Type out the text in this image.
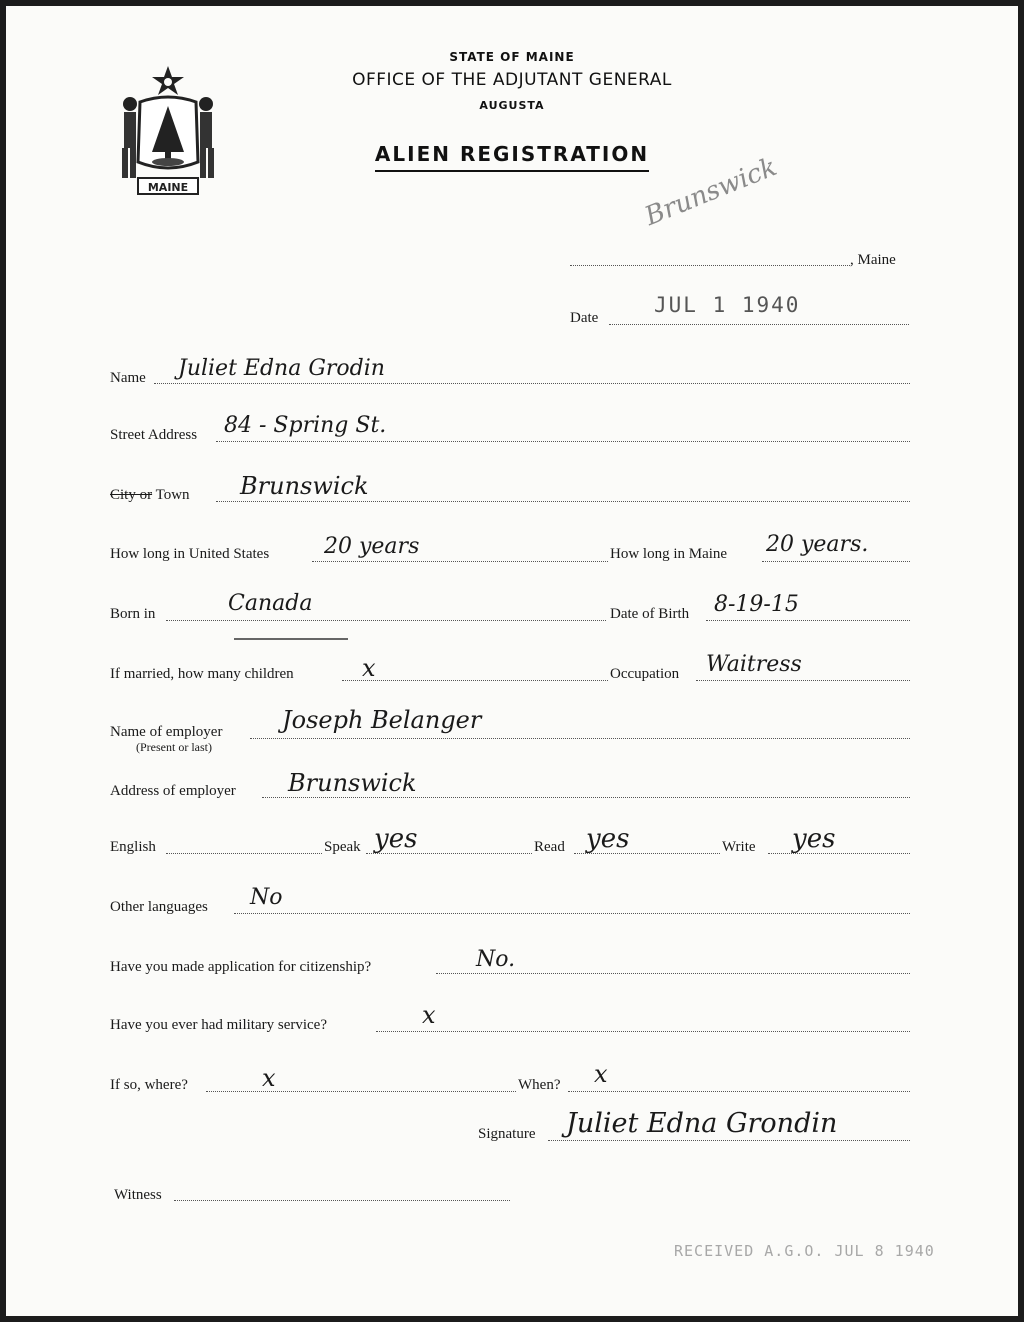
MAINE
STATE OF MAINE
OFFICE OF THE ADJUTANT GENERAL
AUGUSTA
ALIEN REGISTRATION
Brunswick
, Maine
Date
JUL 1 1940
Name Juliet Edna Grodin
Street Address 84 - Spring St.
City or Town Brunswick
How long in United States 20 years	How long in Maine 20 years.
Born in	Canada	Date of Birth 8-19-15
If married, how many children	x	Occupation Waitress
Name of employer
(Present or last)
Joseph Belanger
Address of employer Brunswick
English	Speak yes	Read yes	Write yes
Other languages No
Have you made application for citizenship?	No.
Have you ever had military service?	x
If so, where?	x	When? x
Signature Juliet Edna Grondin
Witness
RECEIVED A.G.O. JUL 8 1940
